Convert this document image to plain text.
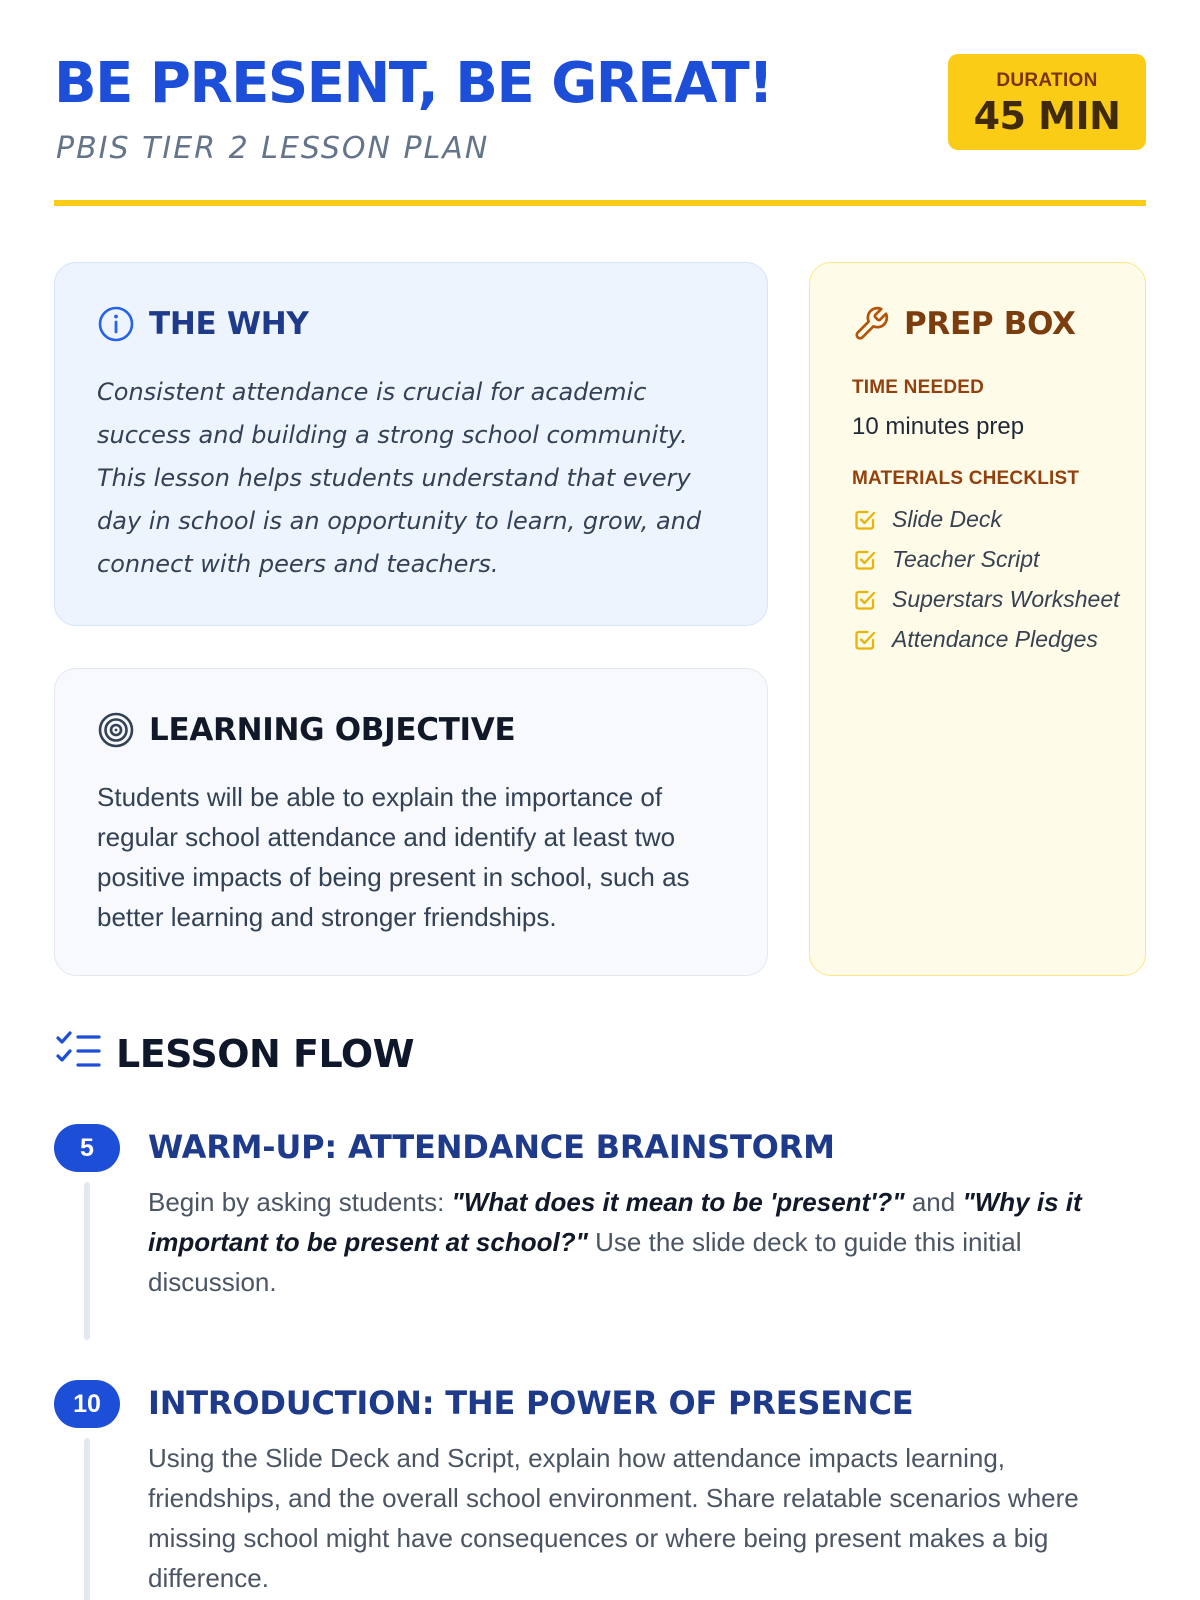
BE PRESENT, BE GREAT!
PBIS TIER 2 LESSON PLAN
DURATION
45 MIN
THE WHY

Consistent attendance is crucial for academic success and building a strong school community. This lesson helps students understand that every day in school is an opportunity to learn, grow, and connect with peers and teachers.

LEARNING OBJECTIVE

Students will be able to explain the importance of regular school attendance and identify at least two positive impacts of being present in school, such as better learning and stronger friendships.

PREP BOX
TIME NEEDED
10 minutes prep
MATERIALS CHECKLIST
Slide Deck
Teacher Script
Superstars Worksheet
Attendance Pledges
LESSON FLOW
5	WARM-UP: ATTENDANCE BRAINSTORM

Begin by asking students: "What does it mean to be 'present'?" and "Why is it important to be present at school?" Use the slide deck to guide this initial discussion.

10	INTRODUCTION: THE POWER OF PRESENCE

Using the Slide Deck and Script, explain how attendance impacts learning, friendships, and the overall school environment. Share relatable scenarios where missing school might have consequences or where being present makes a big difference.
